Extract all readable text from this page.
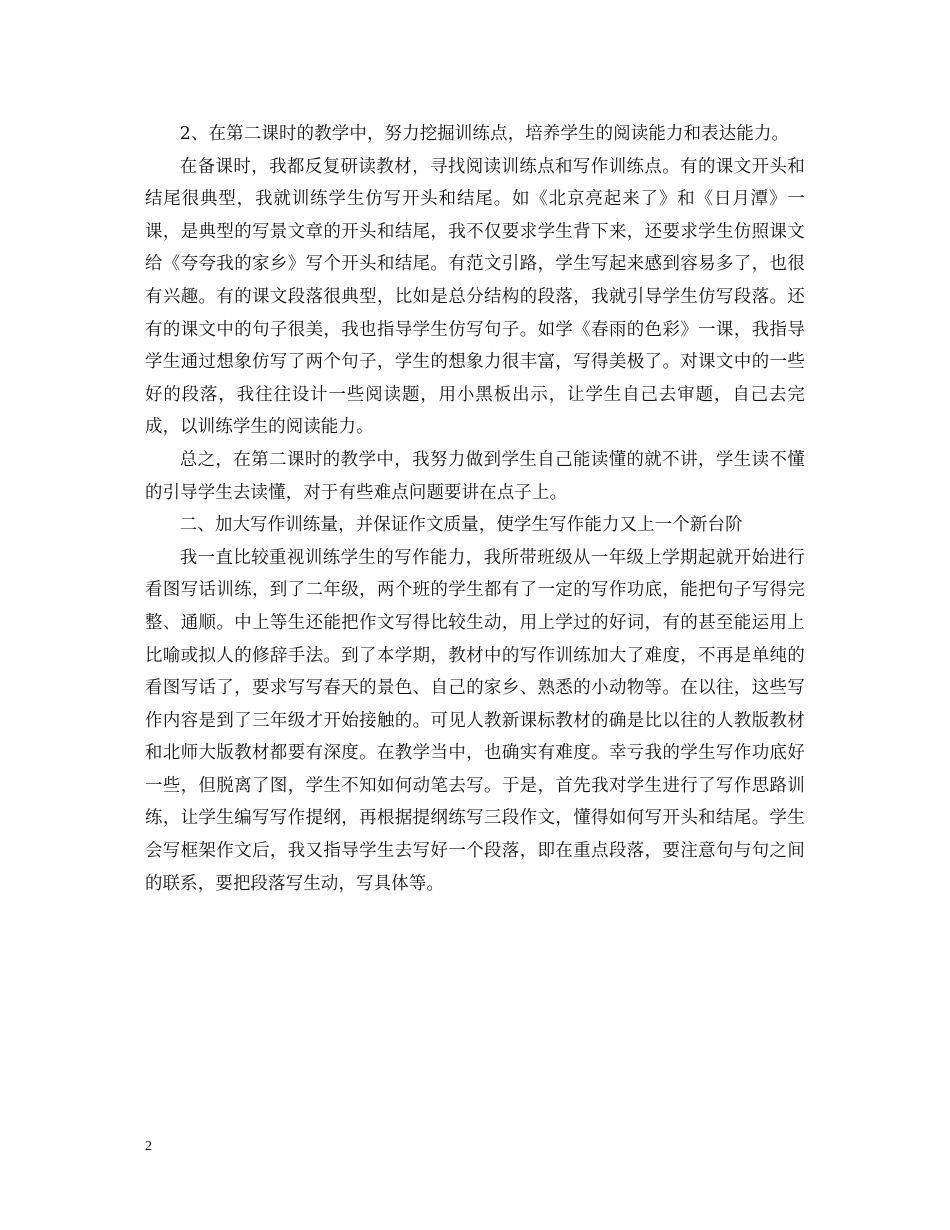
2、在第二课时的教学中，努力挖掘训练点，培养学生的阅读能力和表达能力。

在备课时，我都反复研读教材，寻找阅读训练点和写作训练点。有的课文开头和结尾很典型，我就训练学生仿写开头和结尾。如《北京亮起来了》和《日月潭》一课，是典型的写景文章的开头和结尾，我不仅要求学生背下来，还要求学生仿照课文给《夸夸我的家乡》写个开头和结尾。有范文引路，学生写起来感到容易多了，也很有兴趣。有的课文段落很典型，比如是总分结构的段落，我就引导学生仿写段落。还有的课文中的句子很美，我也指导学生仿写句子。如学《春雨的色彩》一课，我指导学生通过想象仿写了两个句子，学生的想象力很丰富，写得美极了。对课文中的一些好的段落，我往往设计一些阅读题，用小黑板出示，让学生自己去审题，自己去完成，以训练学生的阅读能力。

总之，在第二课时的教学中，我努力做到学生自己能读懂的就不讲，学生读不懂的引导学生去读懂，对于有些难点问题要讲在点子上。

二、加大写作训练量，并保证作文质量，使学生写作能力又上一个新台阶

我一直比较重视训练学生的写作能力，我所带班级从一年级上学期起就开始进行看图写话训练，到了二年级，两个班的学生都有了一定的写作功底，能把句子写得完整、通顺。中上等生还能把作文写得比较生动，用上学过的好词，有的甚至能运用上比喻或拟人的修辞手法。到了本学期，教材中的写作训练加大了难度，不再是单纯的看图写话了，要求写写春天的景色、自己的家乡、熟悉的小动物等。在以往，这些写作内容是到了三年级才开始接触的。可见人教新课标教材的确是比以往的人教版教材和北师大版教材都要有深度。在教学当中，也确实有难度。幸亏我的学生写作功底好一些，但脱离了图，学生不知如何动笔去写。于是，首先我对学生进行了写作思路训练，让学生编写写作提纲，再根据提纲练写三段作文，懂得如何写开头和结尾。学生会写框架作文后，我又指导学生去写好一个段落，即在重点段落，要注意句与句之间的联系，要把段落写生动，写具体等。

2
